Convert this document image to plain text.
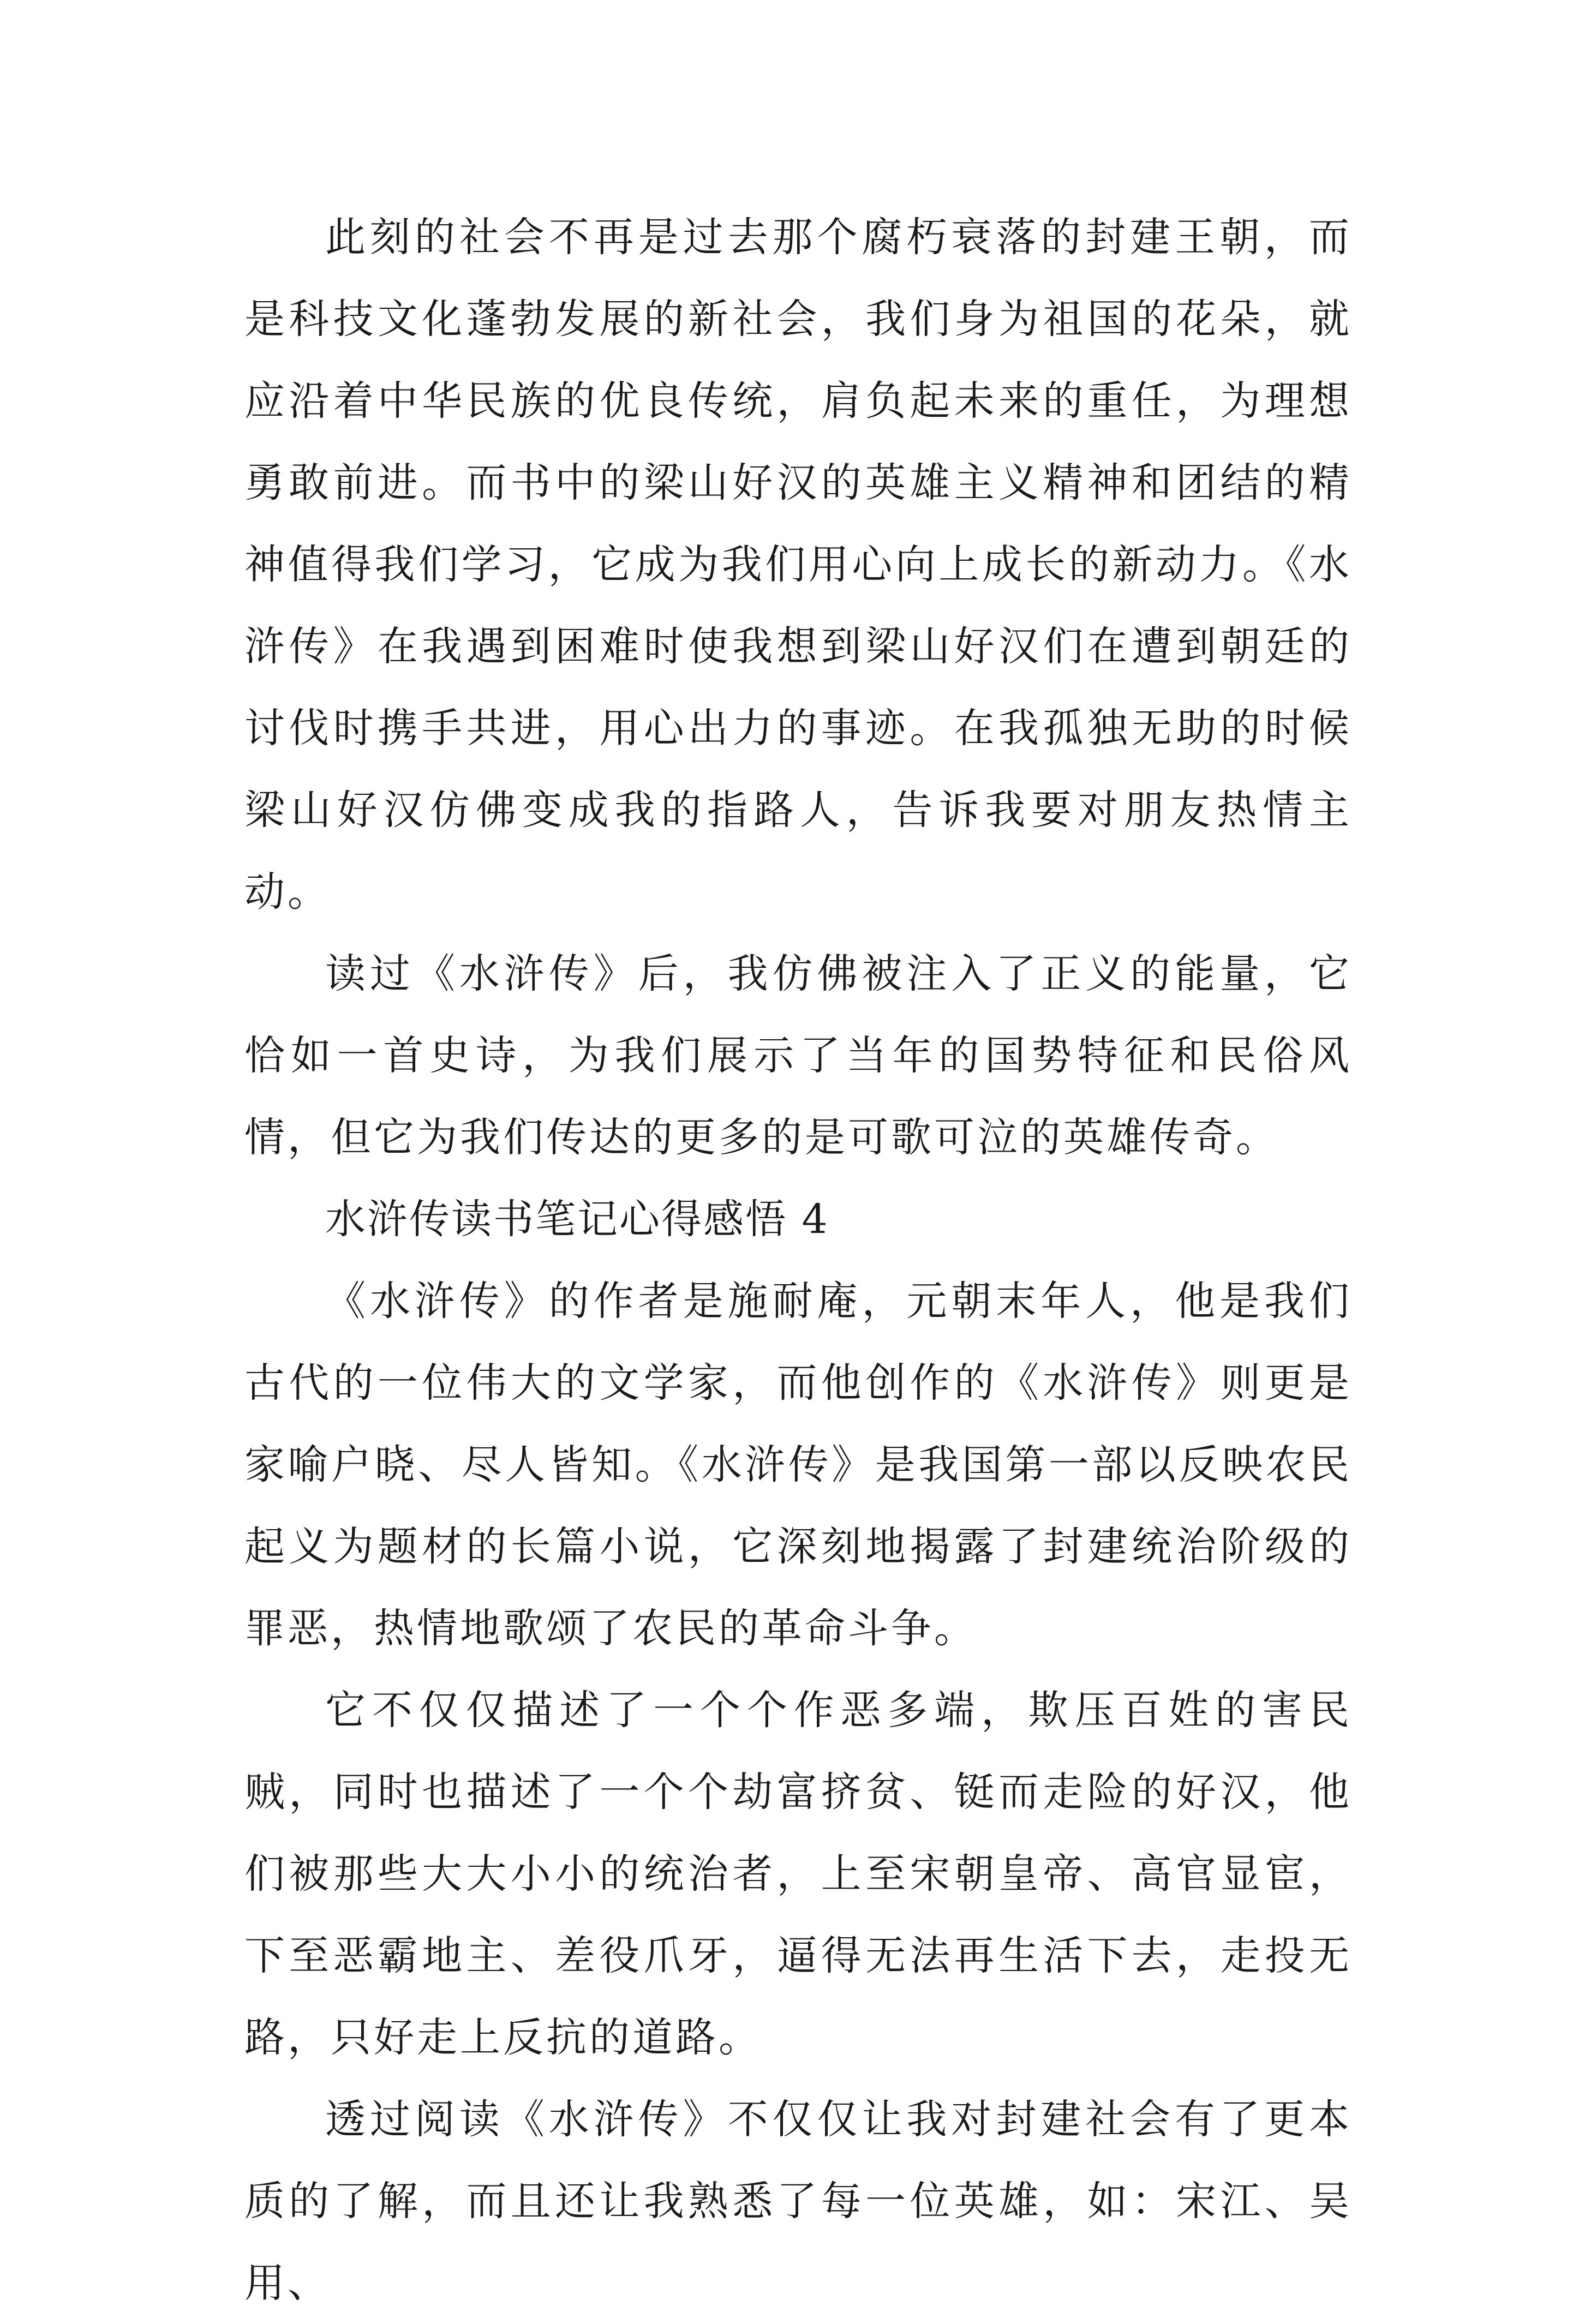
此刻的社会不再是过去那个腐朽衰落的封建王朝，而是科技文化蓬勃发展的新社会，我们身为祖国的花朵，就应沿着中华民族的优良传统，肩负起未来的重任，为理想勇敢前进。而书中的梁山好汉的英雄主义精神和团结的精神值得我们学习，它成为我们用心向上成长的新动力。《水浒传》在我遇到困难时使我想到梁山好汉们在遭到朝廷的讨伐时携手共进，用心出力的事迹。在我孤独无助的时候梁山好汉仿佛变成我的指路人，告诉我要对朋友热情主动。

读过《水浒传》后，我仿佛被注入了正义的能量，它恰如一首史诗，为我们展示了当年的国势特征和民俗风情，但它为我们传达的更多的是可歌可泣的英雄传奇。

水浒传读书笔记心得感悟 4

《水浒传》的作者是施耐庵，元朝末年人，他是我们古代的一位伟大的文学家，而他创作的《水浒传》则更是家喻户晓、尽人皆知。《水浒传》是我国第一部以反映农民起义为题材的长篇小说，它深刻地揭露了封建统治阶级的罪恶，热情地歌颂了农民的革命斗争。

它不仅仅描述了一个个作恶多端，欺压百姓的害民贼，同时也描述了一个个劫富挤贫、铤而走险的好汉，他们被那些大大小小的统治者，上至宋朝皇帝、高官显宦，下至恶霸地主、差役爪牙，逼得无法再生活下去，走投无路，只好走上反抗的道路。

透过阅读《水浒传》不仅仅让我对封建社会有了更本质的了解，而且还让我熟悉了每一位英雄，如：宋江、吴用、
